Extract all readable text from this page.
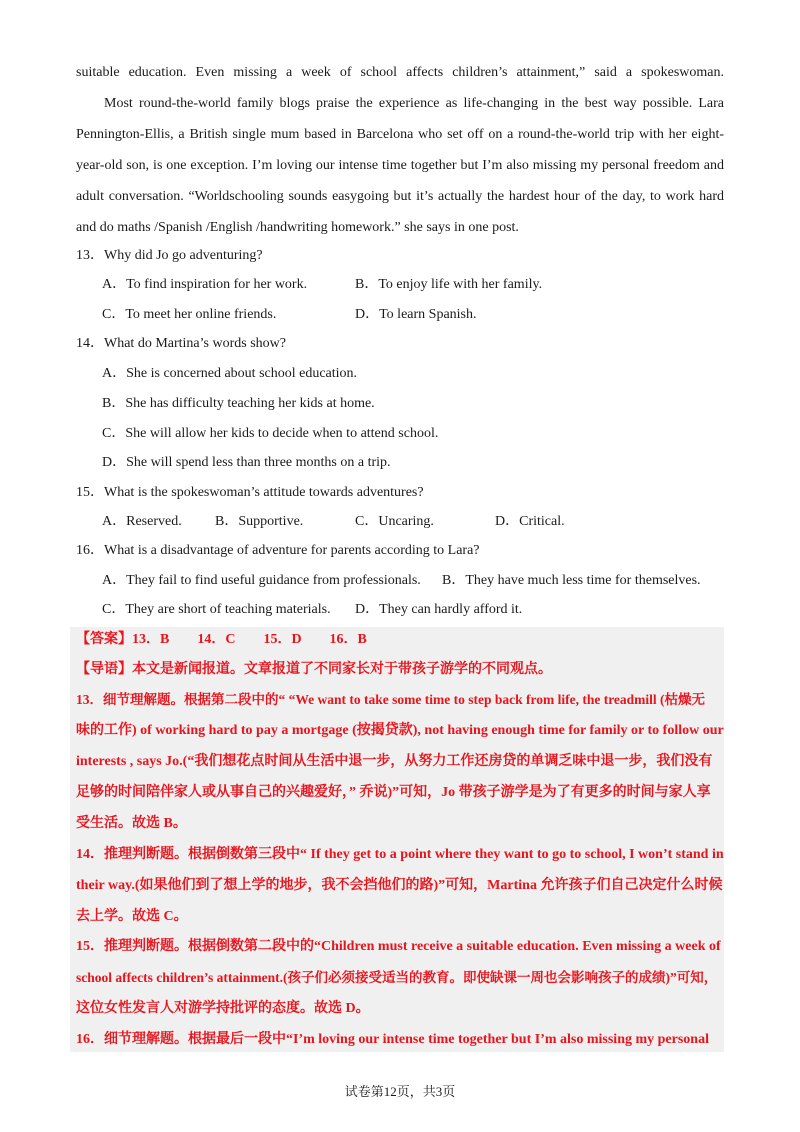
suitable education. Even missing a week of school affects children’s attainment,” said a spokeswoman.
Most round-the-world family blogs praise the experience as life-changing in the best way possible. Lara
Pennington-Ellis, a British single mum based in Barcelona who set off on a round-the-world trip with her eight-
year-old son, is one exception. I’m loving our intense time together but I’m also missing my personal freedom and
adult conversation. “Worldschooling sounds easygoing but it’s actually the hardest hour of the day, to work hard
and do maths /Spanish /English /handwriting homework.” she says in one post.
13．Why did Jo go adventuring?
A．To find inspiration for her work.	B．To enjoy life with her family.
C．To meet her online friends.	D．To learn Spanish.
14．What do Martina’s words show?
A．She is concerned about school education.
B．She has difficulty teaching her kids at home.
C．She will allow her kids to decide when to attend school.
D．She will spend less than three months on a trip.
15．What is the spokeswoman’s attitude towards adventures?
A．Reserved. B．Supportive.	C．Uncaring.	D．Critical.
16．What is a disadvantage of adventure for parents according to Lara?
A．They fail to find useful guidance from professionals. B．They have much less time for themselves.
C．They are short of teaching materials. D．They can hardly afford it.
【答案】13．B　　14．C　　15．D　　16．B
【导语】本文是新闻报道。文章报道了不同家长对于带孩子游学的不同观点。
13．细节理解题。根据第二段中的“ “We want to take some time to step back from life, the treadmill (枯燥无
味的工作) of working hard to pay a mortgage (按揭贷款), not having enough time for family or to follow our
interests , says Jo.(“我们想花点时间从生活中退一步，从努力工作还房贷的单调乏味中退一步，我们没有
足够的时间陪伴家人或从事自己的兴趣爱好，” 乔说)”可知，Jo 带孩子游学是为了有更多的时间与家人享
受生活。故选 B。
14．推理判断题。根据倒数第三段中“ If they get to a point where they want to go to school, I won’t stand in
their way.(如果他们到了想上学的地步，我不会挡他们的路)”可知，Martina 允许孩子们自己决定什么时候
去上学。故选 C。
15．推理判断题。根据倒数第二段中的“Children must receive a suitable education. Even missing a week of
school affects children’s attainment.(孩子们必须接受适当的教育。即使缺课一周也会影响孩子的成绩)”可知，
这位女性发言人对游学持批评的态度。故选 D。
16．细节理解题。根据最后一段中“I’m loving our intense time together but I’m also missing my personal
试卷第12页，共3页
